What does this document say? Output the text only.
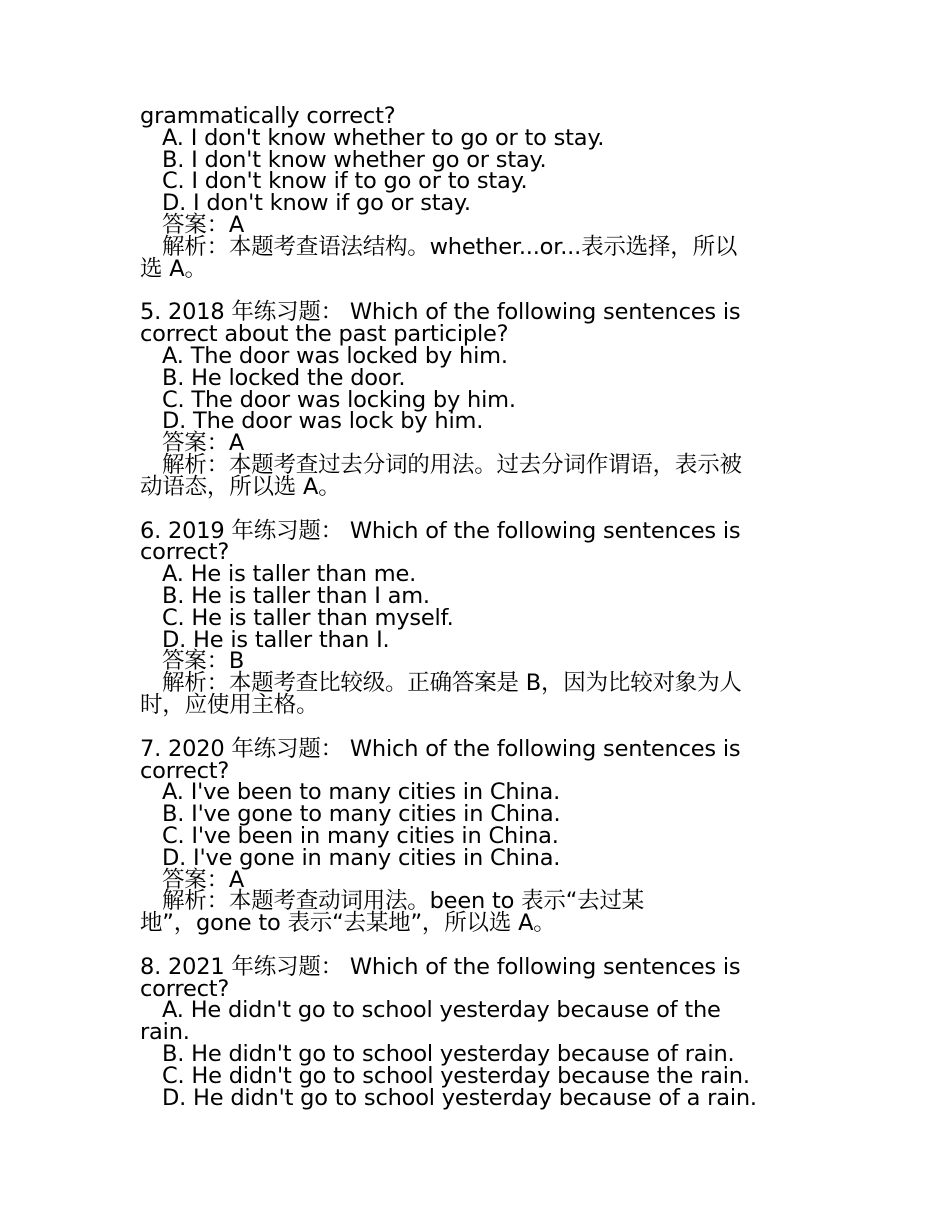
grammatically correct?
A. I don't know whether to go or to stay.
B. I don't know whether go or stay.
C. I don't know if to go or to stay.
D. I don't know if go or stay.
答案：A
解析：本题考查语法结构。whether...or...表示选择，所以
选 A。
5. 2018 年练习题： Which of the following sentences is
correct about the past participle?
A. The door was locked by him.
B. He locked the door.
C. The door was locking by him.
D. The door was lock by him.
答案：A
解析：本题考查过去分词的用法。过去分词作谓语，表示被
动语态，所以选 A。
6. 2019 年练习题： Which of the following sentences is
correct?
A. He is taller than me.
B. He is taller than I am.
C. He is taller than myself.
D. He is taller than I.
答案：B
解析：本题考查比较级。正确答案是 B，因为比较对象为人
时，应使用主格。
7. 2020 年练习题： Which of the following sentences is
correct?
A. I've been to many cities in China.
B. I've gone to many cities in China.
C. I've been in many cities in China.
D. I've gone in many cities in China.
答案：A
解析：本题考查动词用法。been to 表示“去过某
地”，gone to 表示“去某地”，所以选 A。
8. 2021 年练习题： Which of the following sentences is
correct?
A. He didn't go to school yesterday because of the
rain.
B. He didn't go to school yesterday because of rain.
C. He didn't go to school yesterday because the rain.
D. He didn't go to school yesterday because of a rain.
